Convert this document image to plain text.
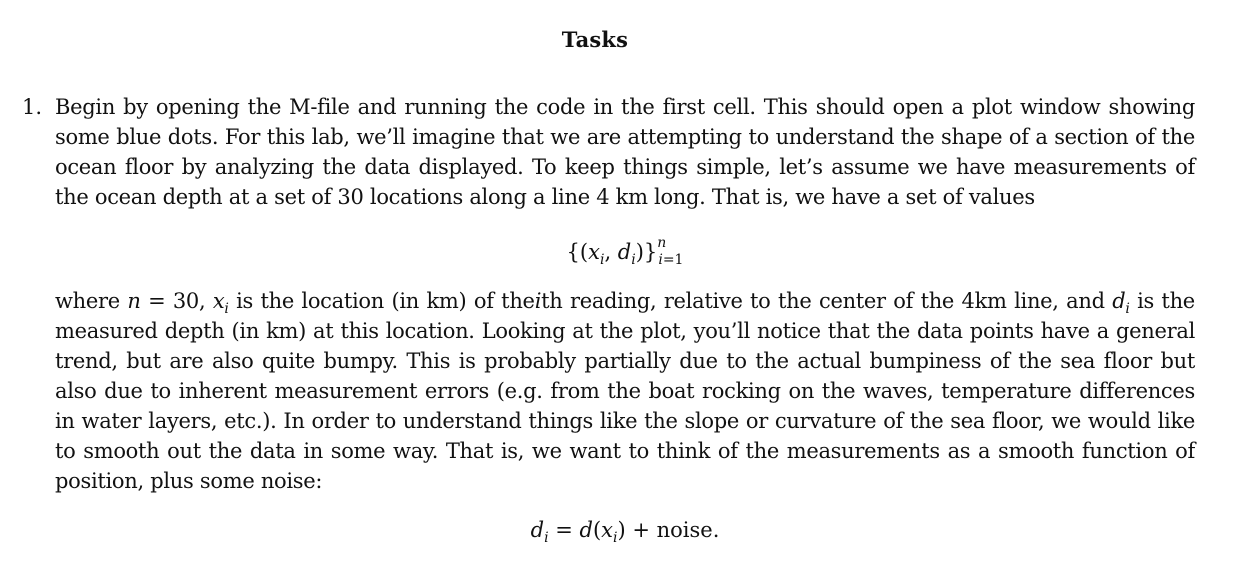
Tasks
1. Begin by opening the M-file and running the code in the first cell. This should open a plot window showing some blue dots. For this lab, we’ll imagine that we are attempting to understand the shape of a section of the ocean floor by analyzing the data displayed. To keep things simple, let’s assume we have measurements of the ocean depth at a set of 30 locations along a line 4 km long. That is, we have a set of values
{($x_i$, $d_i)\}^n_{i=1}$
where n = 30, $x_i$ is the location (in km) of theith reading, relative to the center of the 4km line, and $d_i$ is the measured depth (in km) at this location. Looking at the plot, you’ll notice that the data points have a general trend, but are also quite bumpy. This is probably partially due to the actual bumpiness of the sea floor but also due to inherent measurement errors (e.g. from the boat rocking on the waves, temperature differences in water layers, etc.). In order to understand things like the slope or curvature of the sea floor, we would like to smooth out the data in some way. That is, we want to think of the measurements as a smooth function of position, plus some noise:
$d_i = d(x_i)$ + noise.
